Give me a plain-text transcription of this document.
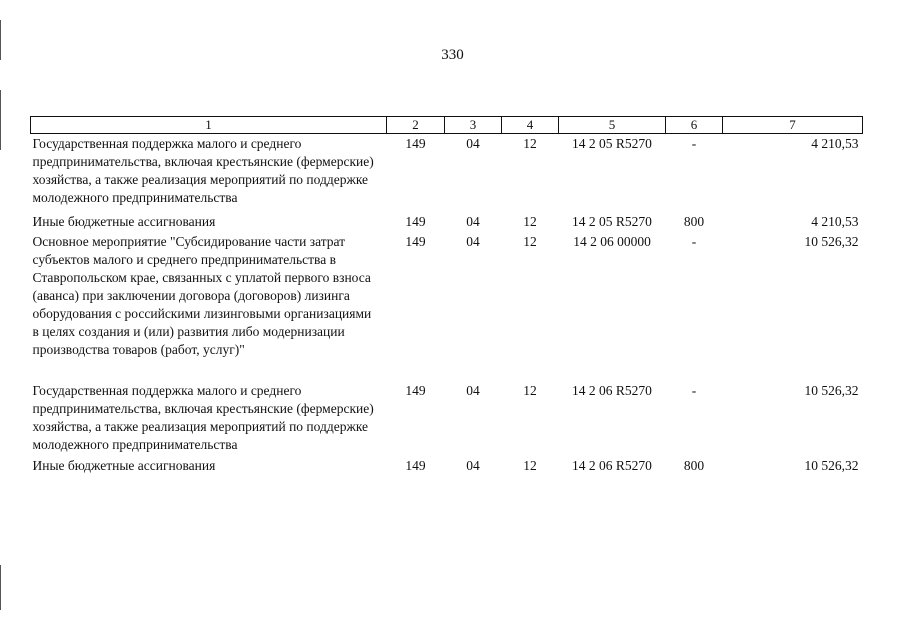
330
1	2	3	4	5	6	7
Государственная поддержка малого и среднего предпринимательства, включая крестьянские (фермерские) хозяйства, а также реализация мероприятий по поддержке молодежного предпринимательства	149	04	12	14 2 05 R5270	-	4 210,53
Иные бюджетные ассигнования	149	04	12	14 2 05 R5270	800	4 210,53
Основное мероприятие "Субсидирование части затрат субъектов малого и среднего предпринимательства в Ставропольском крае, связанных с уплатой первого взноса (аванса) при заключении договора (договоров) лизинга оборудования с российскими лизинговыми организациями в целях создания и (или) развития либо модернизации производства товаров (работ, услуг)"	149	04	12	14 2 06 00000	-	10 526,32
Государственная поддержка малого и среднего предпринимательства, включая крестьянские (фермерские) хозяйства, а также реализация мероприятий по поддержке молодежного предпринимательства	149	04	12	14 2 06 R5270	-	10 526,32
Иные бюджетные ассигнования	149	04	12	14 2 06 R5270	800	10 526,32
